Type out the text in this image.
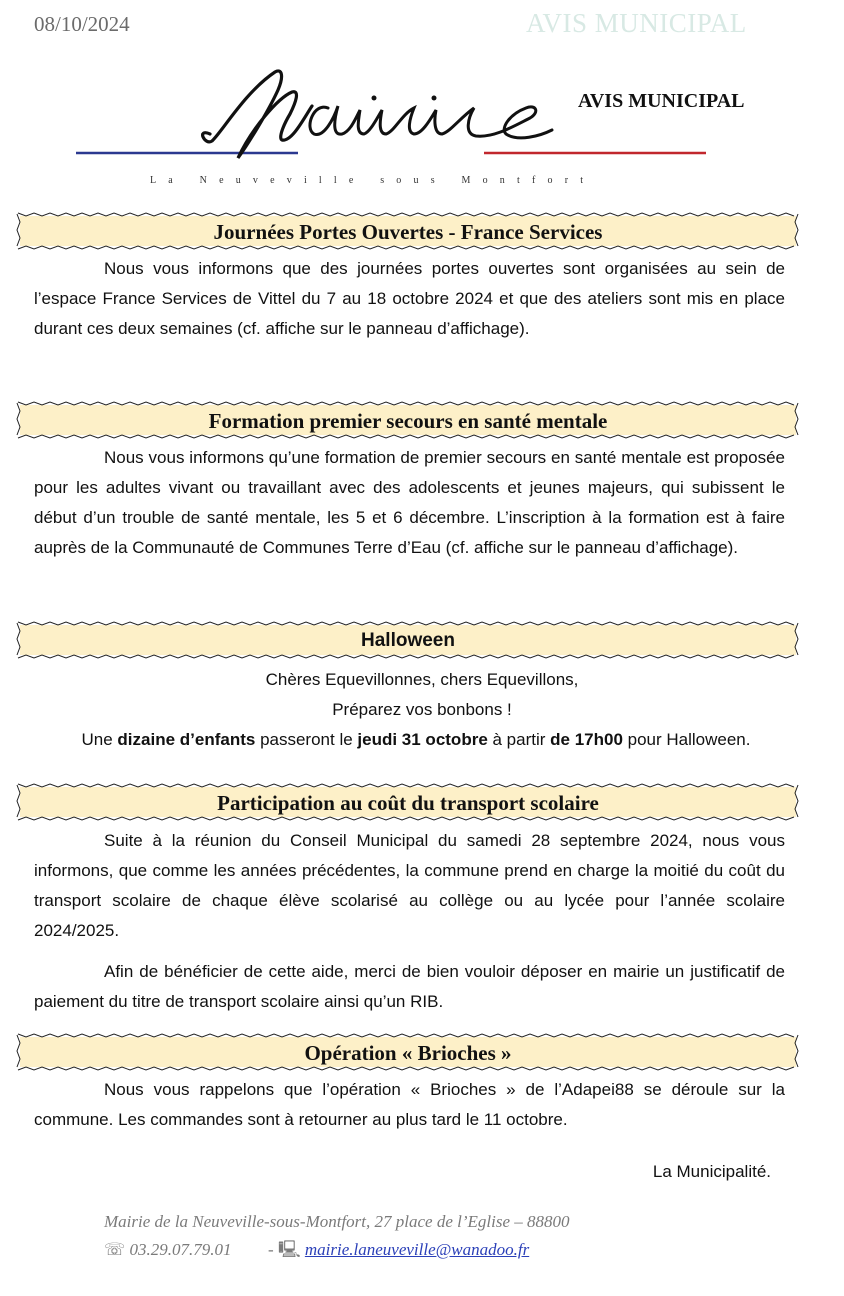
08/10/2024	AVIS MUNICIPAL
AVIS MUNICIPAL
La Neuveville sous Montfort
Journées Portes Ouvertes - France Services
Nous vous informons que des journées portes ouvertes sont organisées au sein de l’espace France Services de Vittel du 7 au 18 octobre 2024 et que des ateliers sont mis en place durant ces deux semaines (cf. affiche sur le panneau d’affichage).
Formation premier secours en santé mentale
Nous vous informons qu’une formation de premier secours en santé mentale est proposée pour les adultes vivant ou travaillant avec des adolescents et jeunes majeurs, qui subissent le début d’un trouble de santé mentale, les 5 et 6 décembre. L’inscription à la formation est à faire auprès de la Communauté de Communes Terre d’Eau (cf. affiche sur le panneau d’affichage).
Halloween
Chères Equevillonnes, chers Equevillons,
Préparez vos bonbons !
Une dizaine d’enfants passeront le jeudi 31 octobre à partir de 17h00 pour Halloween.
Participation au coût du transport scolaire
Suite à la réunion du Conseil Municipal du samedi 28 septembre 2024, nous vous informons, que comme les années précédentes, la commune prend en charge la moitié du coût du transport scolaire de chaque élève scolarisé au collège ou au lycée pour l’année scolaire 2024/2025.
Afin de bénéficier de cette aide, merci de bien vouloir déposer en mairie un justificatif de paiement du titre de transport scolaire ainsi qu’un RIB.
Opération « Brioches »
Nous vous rappelons que l’opération « Brioches » de l’Adapei88 se déroule sur la commune. Les commandes sont à retourner au plus tard le 11 octobre.
La Municipalité.
Mairie de la Neuveville-sous-Montfort, 27 place de l’Eglise – 88800
☏ 03.29.07.79.01 - 🖳 mairie.laneuveville@wanadoo.fr
